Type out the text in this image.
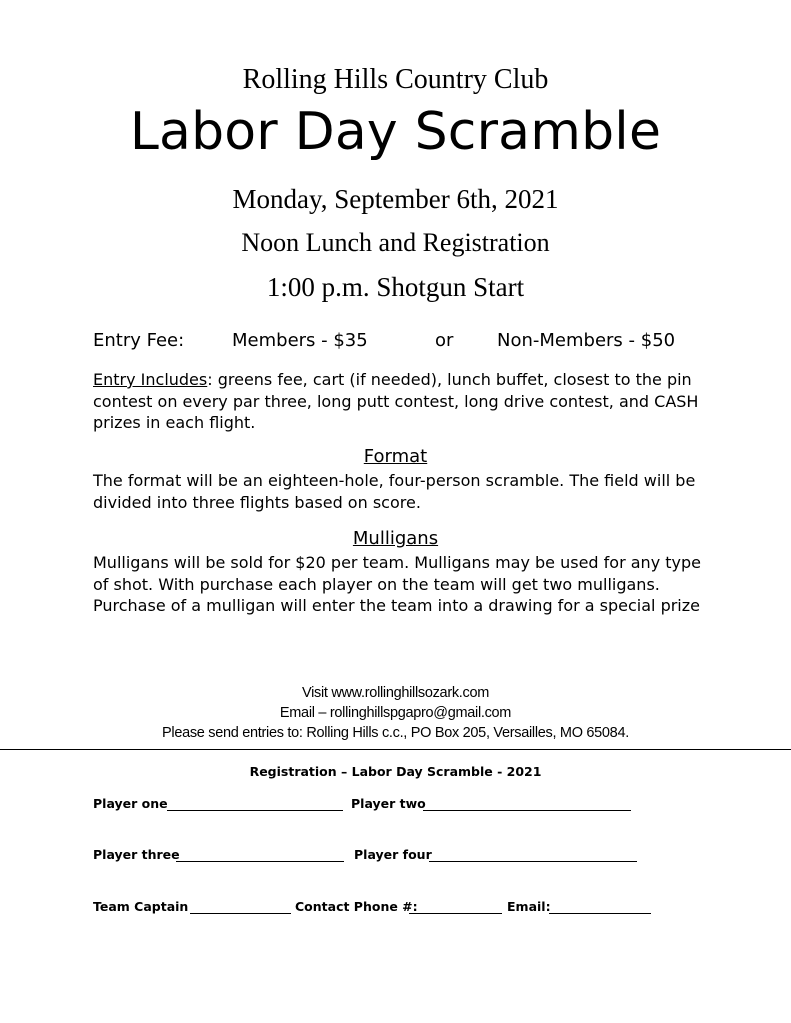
Rolling Hills Country Club
Labor Day Scramble
Monday, September 6th, 2021
Noon Lunch and Registration
1:00 p.m. Shotgun Start
Entry Fee:	Members - $35	or Non-Members - $50
Entry Includes: greens fee, cart (if needed), lunch buffet, closest to the pin contest on every par three, long putt contest, long drive contest, and CASH prizes in each flight.
Format
The format will be an eighteen-hole, four-person scramble. The field will be divided into three flights based on score.
Mulligans
Mulligans will be sold for $20 per team. Mulligans may be used for any type of shot. With purchase each player on the team will get two mulligans. Purchase of a mulligan will enter the team into a drawing for a special prize
Visit www.rollinghillsozark.com
Email – rollinghillspgapro@gmail.com
Please send entries to: Rolling Hills c.c., PO Box 205, Versailles, MO 65084.
Registration – Labor Day Scramble - 2021
Player one	Player two
Player three	Player four
Team Captain	Contact Phone #:	Email:
